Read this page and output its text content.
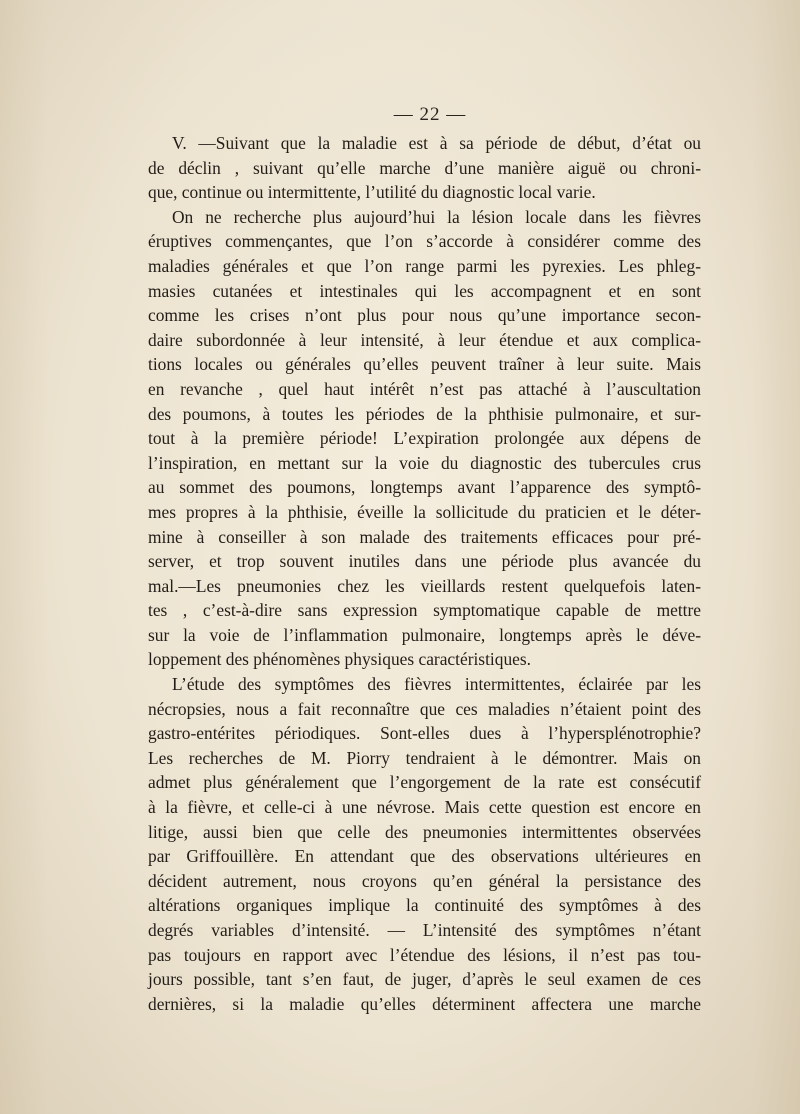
— 22 —
V. —Suivant que la maladie est à sa période de début, d’état ou
de déclin , suivant qu’elle marche d’une manière aiguë ou chroni-
que, continue ou intermittente, l’utilité du diagnostic local varie.
On ne recherche plus aujourd’hui la lésion locale dans les fièvres
éruptives commençantes, que l’on s’accorde à considérer comme des
maladies générales et que l’on range parmi les pyrexies. Les phleg-
masies cutanées et intestinales qui les accompagnent et en sont
comme les crises n’ont plus pour nous qu’une importance secon-
daire subordonnée à leur intensité, à leur étendue et aux complica-
tions locales ou générales qu’elles peuvent traîner à leur suite. Mais
en revanche , quel haut intérêt n’est pas attaché à l’auscultation
des poumons, à toutes les périodes de la phthisie pulmonaire, et sur-
tout à la première période! L’expiration prolongée aux dépens de
l’inspiration, en mettant sur la voie du diagnostic des tubercules crus
au sommet des poumons, longtemps avant l’apparence des symptô-
mes propres à la phthisie, éveille la sollicitude du praticien et le déter-
mine à conseiller à son malade des traitements efficaces pour pré-
server, et trop souvent inutiles dans une période plus avancée du
mal.—Les pneumonies chez les vieillards restent quelquefois laten-
tes , c’est-à-dire sans expression symptomatique capable de mettre
sur la voie de l’inflammation pulmonaire, longtemps après le déve-
loppement des phénomènes physiques caractéristiques.
L’étude des symptômes des fièvres intermittentes, éclairée par les
nécropsies, nous a fait reconnaître que ces maladies n’étaient point des
gastro-entérites périodiques. Sont-elles dues à l’hypersplénotrophie?
Les recherches de M. Piorry tendraient à le démontrer. Mais on
admet plus généralement que l’engorgement de la rate est consécutif
à la fièvre, et celle-ci à une névrose. Mais cette question est encore en
litige, aussi bien que celle des pneumonies intermittentes observées
par Griffouillère. En attendant que des observations ultérieures en
décident autrement, nous croyons qu’en général la persistance des
altérations organiques implique la continuité des symptômes à des
degrés variables d’intensité. — L’intensité des symptômes n’étant
pas toujours en rapport avec l’étendue des lésions, il n’est pas tou-
jours possible, tant s’en faut, de juger, d’après le seul examen de ces
dernières, si la maladie qu’elles déterminent affectera une marche
